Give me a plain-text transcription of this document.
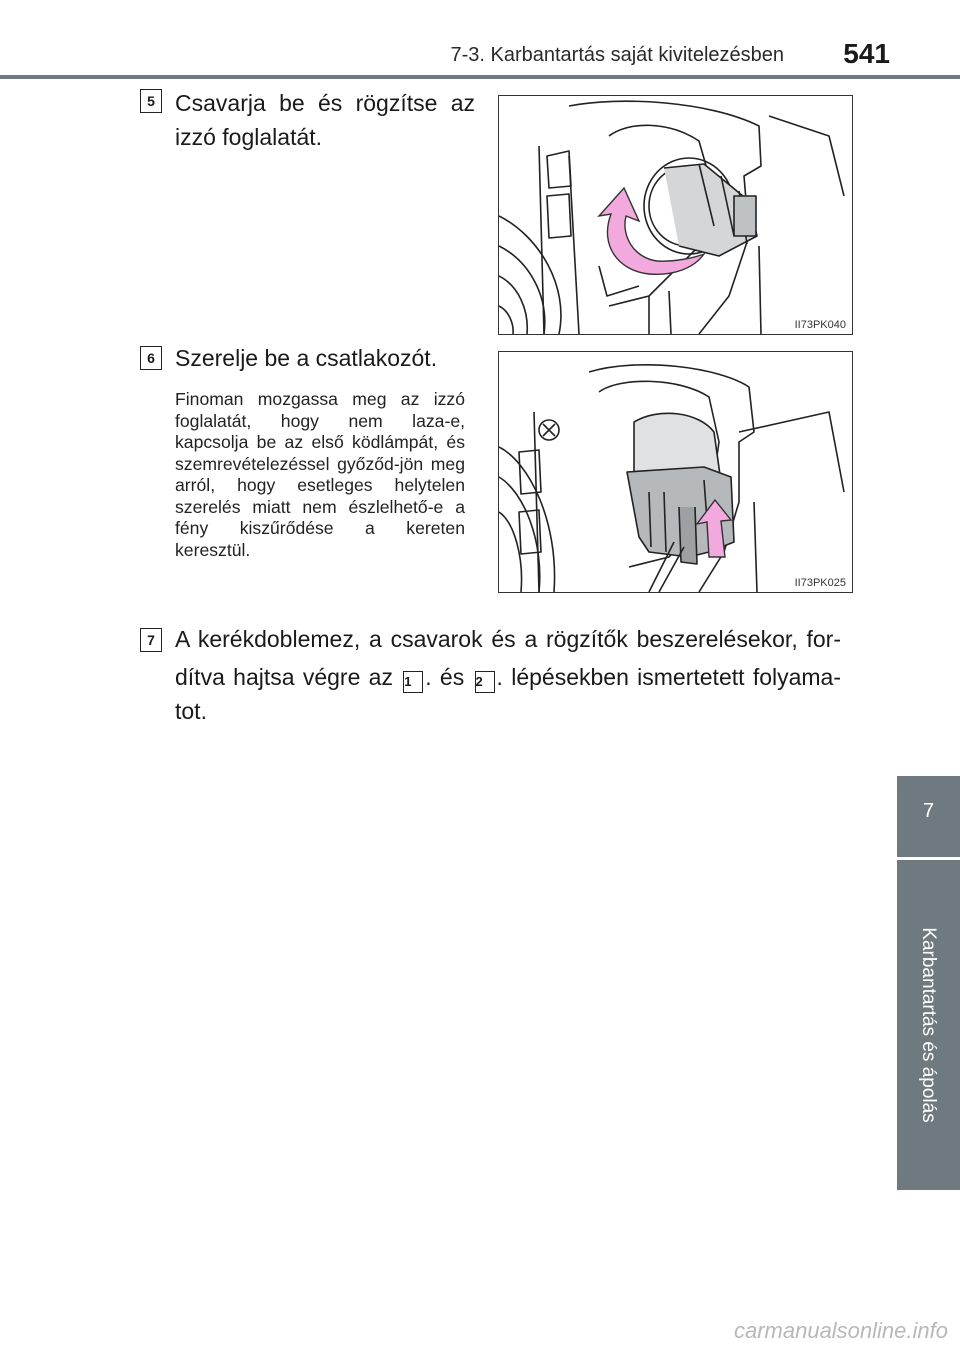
7-3. Karbantartás saját kivitelezésben	541
7
Karbantartás és ápolás
5 Csavarja be és rögzítse az izzó foglalatát.
II73PK040
6 Szerelje be a csatlakozót.
Finoman mozgassa meg az izzó foglalatát, hogy nem laza-e, kapcsolja be az első ködlámpát, és szemrevételezéssel győződ-jön meg arról, hogy esetleges helytelen szerelés miatt nem észlelhető-e a fény kiszűrődése a kereten keresztül.
II73PK025
7 A kerékdoblemez, a csavarok és a rögzítők beszerelésekor, for-
dítva hajtsa végre az 1 . és 2 . lépésekben ismertetett folyama-
tot.
carmanualsonline.info
